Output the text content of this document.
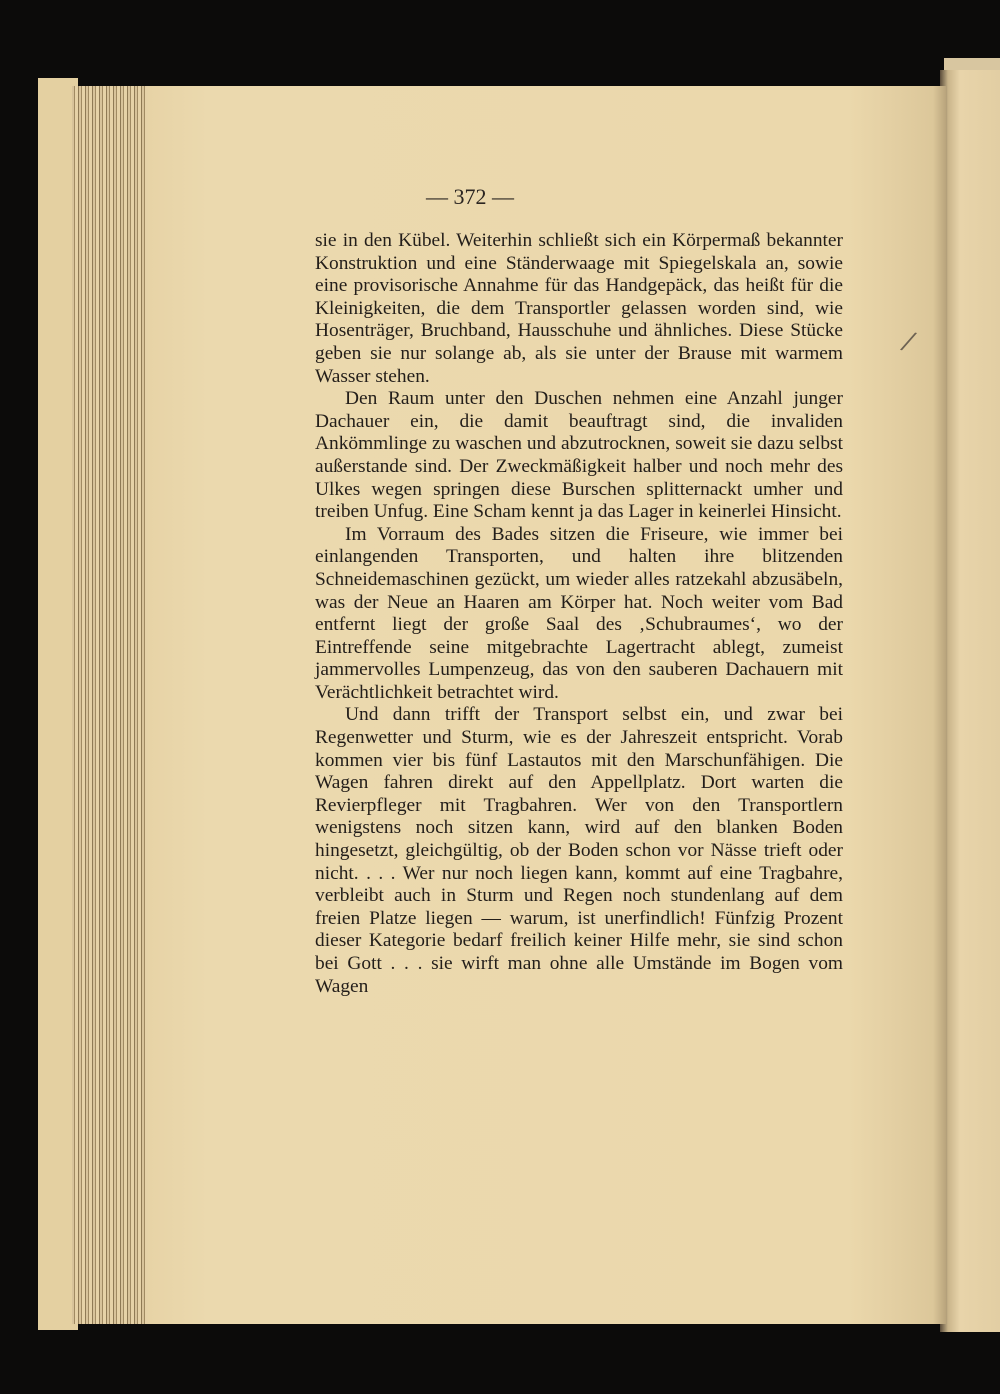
— 372 —

sie in den Kübel. Weiterhin schließt sich ein Körpermaß bekannter Konstruktion und eine Ständerwaage mit Spiegelskala an, sowie eine provisorische Annahme für das Handgepäck, das heißt für die Kleinigkeiten, die dem Transportler gelassen worden sind, wie Hosenträger, Bruchband, Hausschuhe und ähnliches. Diese Stücke geben sie nur solange ab, als sie unter der Brause mit warmem Wasser stehen.

Den Raum unter den Duschen nehmen eine Anzahl junger Dachauer ein, die damit beauftragt sind, die invaliden Ankömmlinge zu waschen und abzutrocknen, soweit sie dazu selbst außerstande sind. Der Zweckmäßigkeit halber und noch mehr des Ulkes wegen springen diese Burschen splitternackt umher und treiben Unfug. Eine Scham kennt ja das Lager in keinerlei Hinsicht.

Im Vorraum des Bades sitzen die Friseure, wie immer bei einlangenden Transporten, und halten ihre blitzenden Schneidemaschinen gezückt, um wieder alles ratzekahl abzusäbeln, was der Neue an Haaren am Körper hat. Noch weiter vom Bad entfernt liegt der große Saal des ‚Schubraumes‘, wo der Eintreffende seine mitgebrachte Lagertracht ablegt, zumeist jammervolles Lumpenzeug, das von den sauberen Dachauern mit Verächtlichkeit betrachtet wird.

Und dann trifft der Transport selbst ein, und zwar bei Regenwetter und Sturm, wie es der Jahreszeit entspricht. Vorab kommen vier bis fünf Lastautos mit den Marschunfähigen. Die Wagen fahren direkt auf den Appellplatz. Dort warten die Revierpfleger mit Tragbahren. Wer von den Transportlern wenigstens noch sitzen kann, wird auf den blanken Boden hingesetzt, gleichgültig, ob der Boden schon vor Nässe trieft oder nicht. . . . Wer nur noch liegen kann, kommt auf eine Tragbahre, verbleibt auch in Sturm und Regen noch stundenlang auf dem freien Platze liegen — warum, ist unerfindlich! Fünfzig Prozent dieser Kategorie bedarf freilich keiner Hilfe mehr, sie sind schon bei Gott . . . sie wirft man ohne alle Umstände im Bogen vom Wagen

⁄
